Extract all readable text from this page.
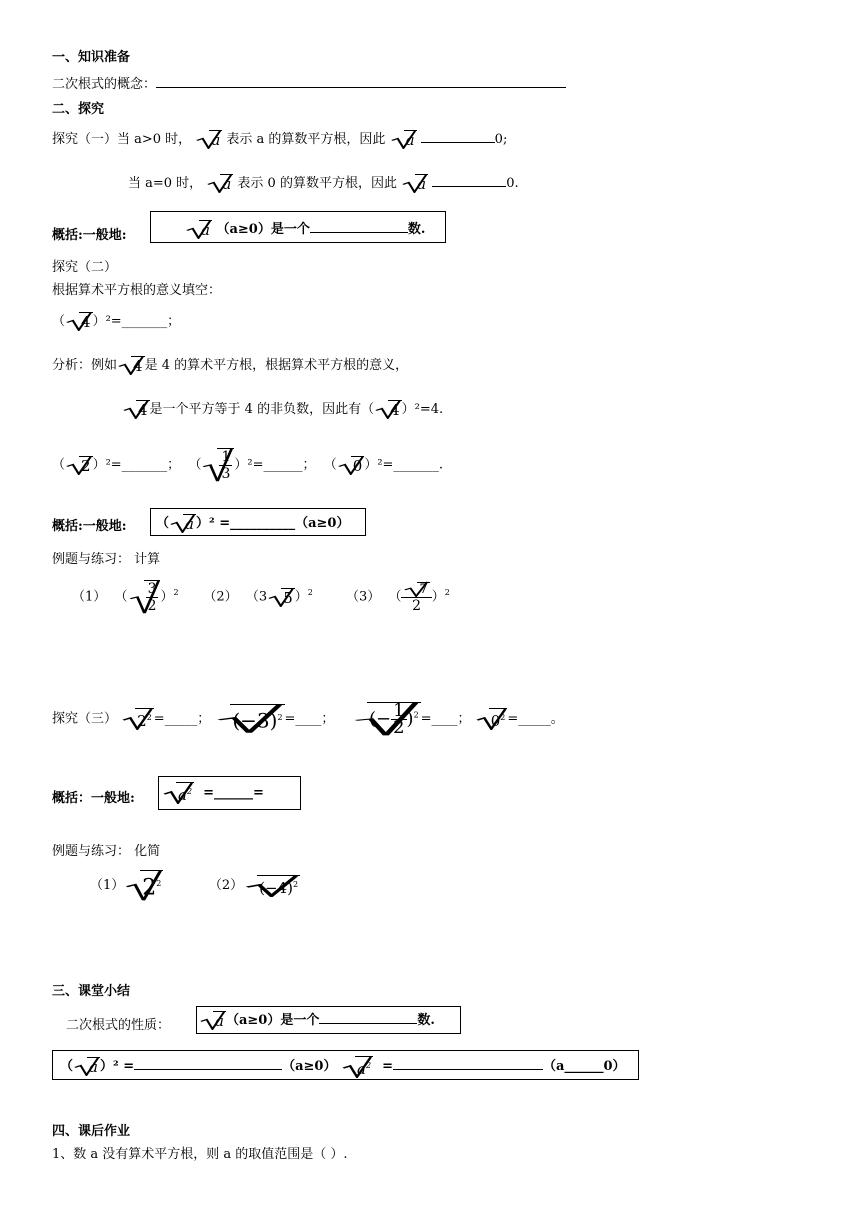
一、知识准备
二次根式的概念：
二、探究
探究（一）当 a>0 时， a 表示 a 的算数平方根，因此 a	0;
当 a=0 时， a 表示 0 的算数平方根，因此 a	0.
概括:一般地:	a （a≥0）是一个	数.
探究（二）
根据算术平方根的意义填空：
（ 4 ）²=_______；
分析：例如 4 是 4 的算术平方根，根据算术平方根的意义，
4 是一个平方等于 4 的非负数，因此有（ 4 ）²=4.
（ 2 ）²=_______； （ $\frac{1}{3}$ ）²=______； （ 0 ）²=_______.
概括:一般地: （ a ）² =__________（a≥0）
例题与练习： 计算
（1） （ $\frac{3}{2} )^2$ （2）  （3 5 ）$^2$	（3）  （ $\frac{7}{2} )^2$
探究（三） $2^2$ =_____； $(-3)^2$ =____； (− $\frac{1}{2} )^2$ =____； $0^2$ =_____。
概括：一般地:	$a^2$ =______=
例题与练习： 化简
（1） $2^2$	（2） $(-4)^2$
三、课堂小结
二次根式的性质：	a （a≥0）是一个	数.
（ a ）² =	（a≥0） $a^2$ =	（a______0）
四、课后作业
1、数 a 没有算术平方根，则 a 的取值范围是（ ）.
